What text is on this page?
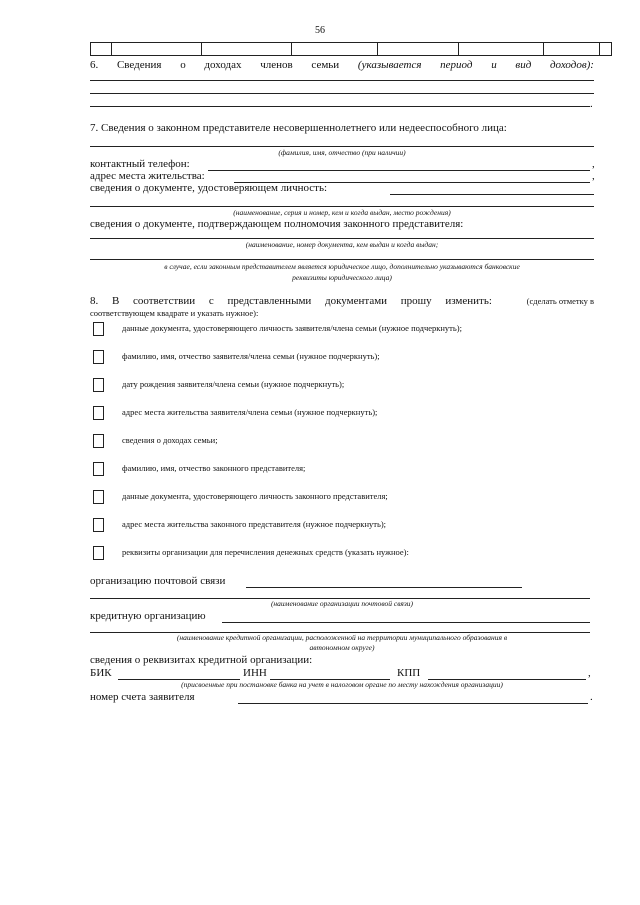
56
6. Сведения о доходах членов семьи (указывается период и вид доходов):
.
7. Сведения о законном представителе несовершеннолетнего или недееспособного лица:
(фамилия, имя, отчество (при наличии)
контактный телефон:	,
адрес места жительства:	,
сведения о документе, удостоверяющем личность:
(наименование, серия и номер, кем и когда выдан, место рождения)
сведения о документе, подтверждающем полномочия законного представителя:
(наименование, номер документа, кем выдан и когда выдан;
в случае, если законным представителем является юридическое лицо, дополнительно указываются банковские
реквизиты юридического лица)
8. В соответствии с представленными документами прошу изменить:	(сделать отметку в
соответствующем квадрате и указать нужное):
данные документа, удостоверяющего личность заявителя/члена семьи (нужное подчеркнуть);
фамилию, имя, отчество заявителя/члена семьи (нужное подчеркнуть);
дату рождения заявителя/члена семьи (нужное подчеркнуть);
адрес места жительства заявителя/члена семьи (нужное подчеркнуть);
сведения о доходах семьи;
фамилию, имя, отчество законного представителя;
данные документа, удостоверяющего личность законного представителя;
адрес места жительства законного представителя (нужное подчеркнуть);
реквизиты организации для перечисления денежных средств (указать нужное):
организацию почтовой связи
(наименование организации почтовой связи)
кредитную организацию
(наименование кредитной организации, расположенной на территории муниципального образования в
автономном округе)
сведения о реквизитах кредитной организации:
БИК	ИНН	КПП	,
(присвоенные при постановке банка на учет в налоговом органе по месту нахождения организации)
номер счета заявителя	.
